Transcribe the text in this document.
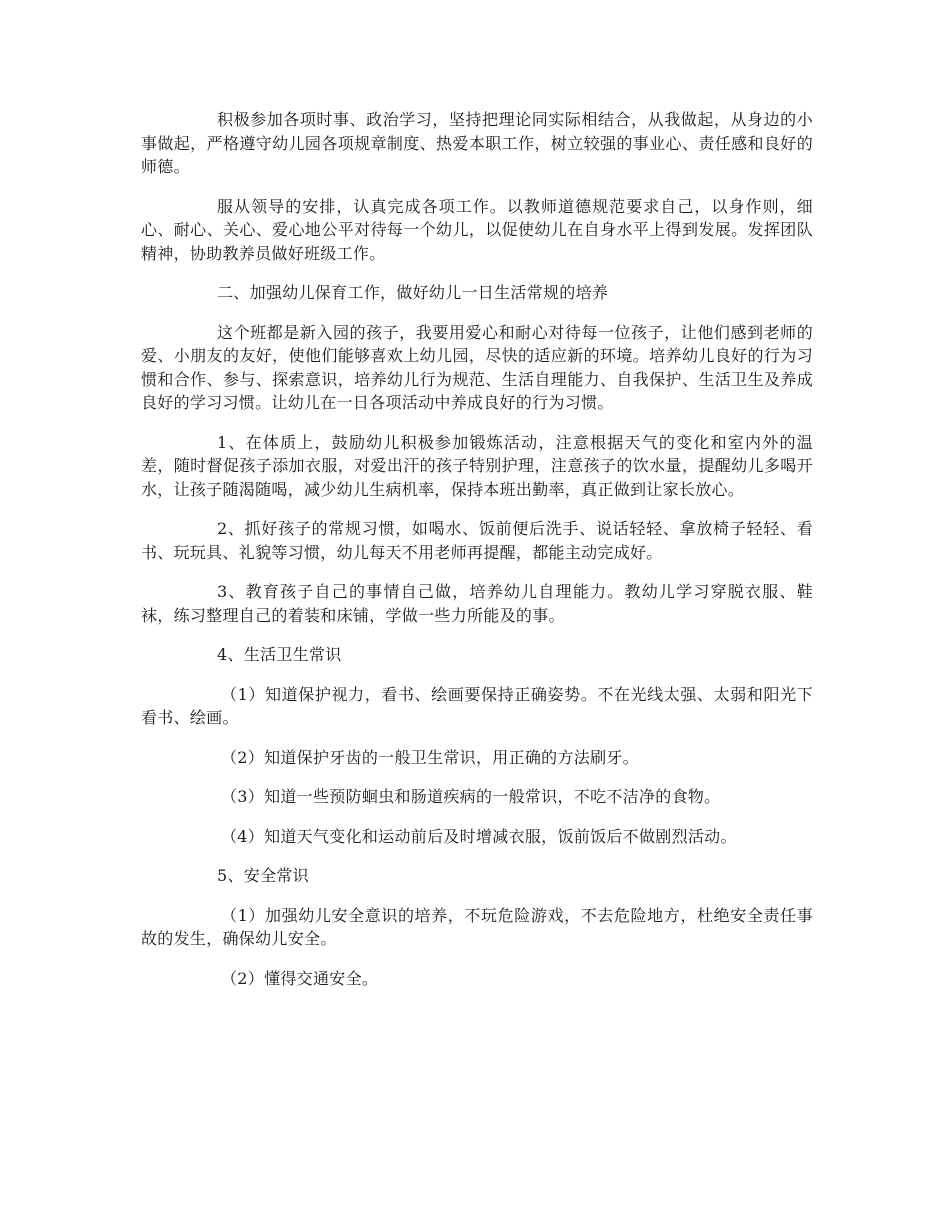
积极参加各项时事、政治学习，坚持把理论同实际相结合，从我做起，从身边的小事做起，严格遵守幼儿园各项规章制度、热爱本职工作，树立较强的事业心、责任感和良好的师德。

服从领导的安排，认真完成各项工作。以教师道德规范要求自己，以身作则，细心、耐心、关心、爱心地公平对待每一个幼儿，以促使幼儿在自身水平上得到发展。发挥团队精神，协助教养员做好班级工作。

二、加强幼儿保育工作，做好幼儿一日生活常规的培养

这个班都是新入园的孩子，我要用爱心和耐心对待每一位孩子，让他们感到老师的爱、小朋友的友好，使他们能够喜欢上幼儿园，尽快的适应新的环境。培养幼儿良好的行为习惯和合作、参与、探索意识，培养幼儿行为规范、生活自理能力、自我保护、生活卫生及养成良好的学习习惯。让幼儿在一日各项活动中养成良好的行为习惯。

1、在体质上，鼓励幼儿积极参加锻炼活动，注意根据天气的变化和室内外的温差，随时督促孩子添加衣服，对爱出汗的孩子特别护理，注意孩子的饮水量，提醒幼儿多喝开水，让孩子随渴随喝，减少幼儿生病机率，保持本班出勤率，真正做到让家长放心。

2、抓好孩子的常规习惯，如喝水、饭前便后洗手、说话轻轻、拿放椅子轻轻、看书、玩玩具、礼貌等习惯，幼儿每天不用老师再提醒，都能主动完成好。

3、教育孩子自己的事情自己做，培养幼儿自理能力。教幼儿学习穿脱衣服、鞋袜，练习整理自己的着装和床铺，学做一些力所能及的事。

4、生活卫生常识

（1）知道保护视力，看书、绘画要保持正确姿势。不在光线太强、太弱和阳光下看书、绘画。

（2）知道保护牙齿的一般卫生常识，用正确的方法刷牙。

（3）知道一些预防蛔虫和肠道疾病的一般常识，不吃不洁净的食物。

（4）知道天气变化和运动前后及时增减衣服，饭前饭后不做剧烈活动。

5、安全常识

（1）加强幼儿安全意识的培养，不玩危险游戏，不去危险地方，杜绝安全责任事故的发生，确保幼儿安全。

（2）懂得交通安全。
